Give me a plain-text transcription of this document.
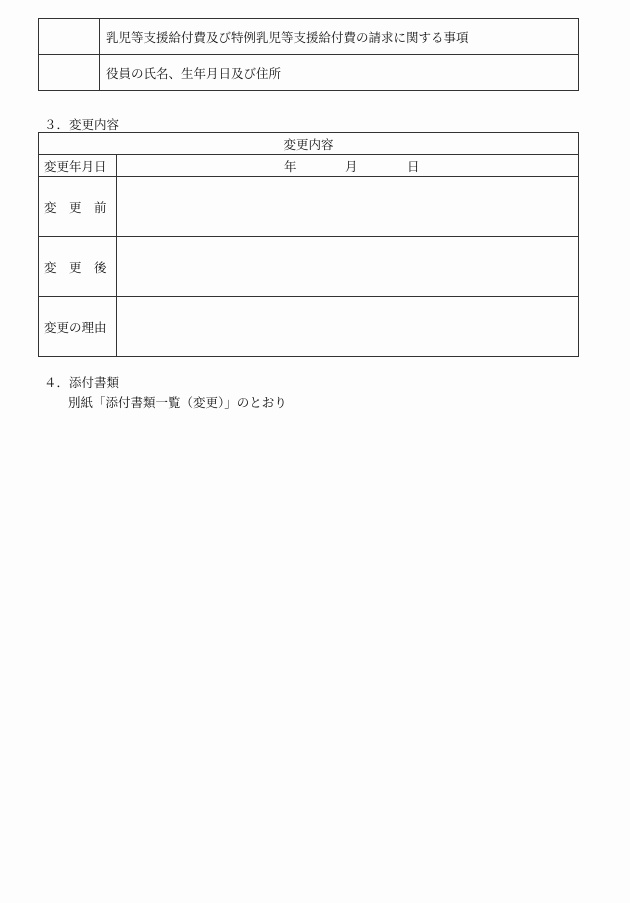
	乳児等支援給付費及び特例乳児等支援給付費の請求に関する事項
	役員の氏名、生年月日及び住所
３．変更内容
変更内容	
変更年月日	年 月 日

変　更　前	
変　更　後	
変更の理由	
４．添付書類
別紙「添付書類一覧（変更）」のとおり
